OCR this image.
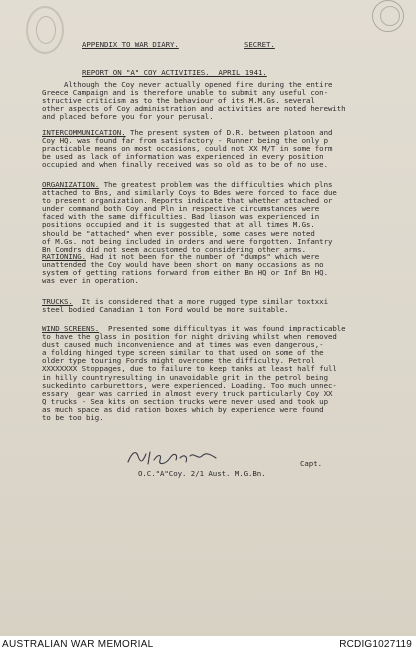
APPENDIX TO WAR DIARY.	SECRET.
REPORT ON "A" COY ACTIVITIES.  APRIL 1941.
Although the Coy never actually opened fire during the entire
Greece Campaign and is therefore unable to submit any useful con-
structive criticism as to the behaviour of its M.M.Gs. several
other aspects of Coy administration and activities are noted herewith
and placed before you for your perusal.
INTERCOMMUNICATION. The present system of D.R. between platoon and
Coy HQ. was found far from satisfactory - Runner being the only p
practicable means on most occasions, could not XX M/T in some form
be used as lack of information was experienced in every position
occupied and when finally received was so old as to be of no use.
ORGANIZATION. The greatest problem was the difficulties which plns
attached to Bns, and similarly Coys to Bdes were forced to face due
to present organization. Reports indicate that whether attached or
under command both Coy and Pln in respective circumstances were
faced with the same difficulties. Bad liason was experienced in
positions occupied and it is suggested that at all times M.Gs.
should be "attached" when ever possible, some cases were noted
of M.Gs. not being included in orders and were forgotten. Infantry
Bn Comdrs did not seem accustomed to considering other arms.
RATIONING. Had it not been for the number of "dumps" which were
unattended the Coy would have been short on many occasions as no
system of getting rations forward from either Bn HQ or Inf Bn HQ.
was ever in operation.
TRUCKS.  It is considered that a more rugged type similar toxtxxi
steel bodied Canadian 1 ton Ford would be more suitable.
WIND SCREENS.  Presented some difficultyas it was found impracticable
to have the glass in position for night driving whilst when removed
dust caused much inconvenience and at times was even dangerous,-
a folding hinged type screen similar to that used on some of the
older type touring Fords might overcome the difficulty. Petrol
XXXXXXXX Stoppages, due to failure to keep tanks at least half full
in hilly countryresulting in unavoidable grit in the petrol being
suckedinto carburettors, were experienced. Loading. Too much unnec-
essary  gear was carried in almost every truck particularly Coy XX
Q trucks - Sea kits on section trucks were never used and took up
as much space as did ration boxes which by experience were found
to be too big.
Capt.
O.C."A"Coy. 2/1 Aust. M.G.Bn.
AUSTRALIAN WAR MEMORIAL	RCDIG1027119
